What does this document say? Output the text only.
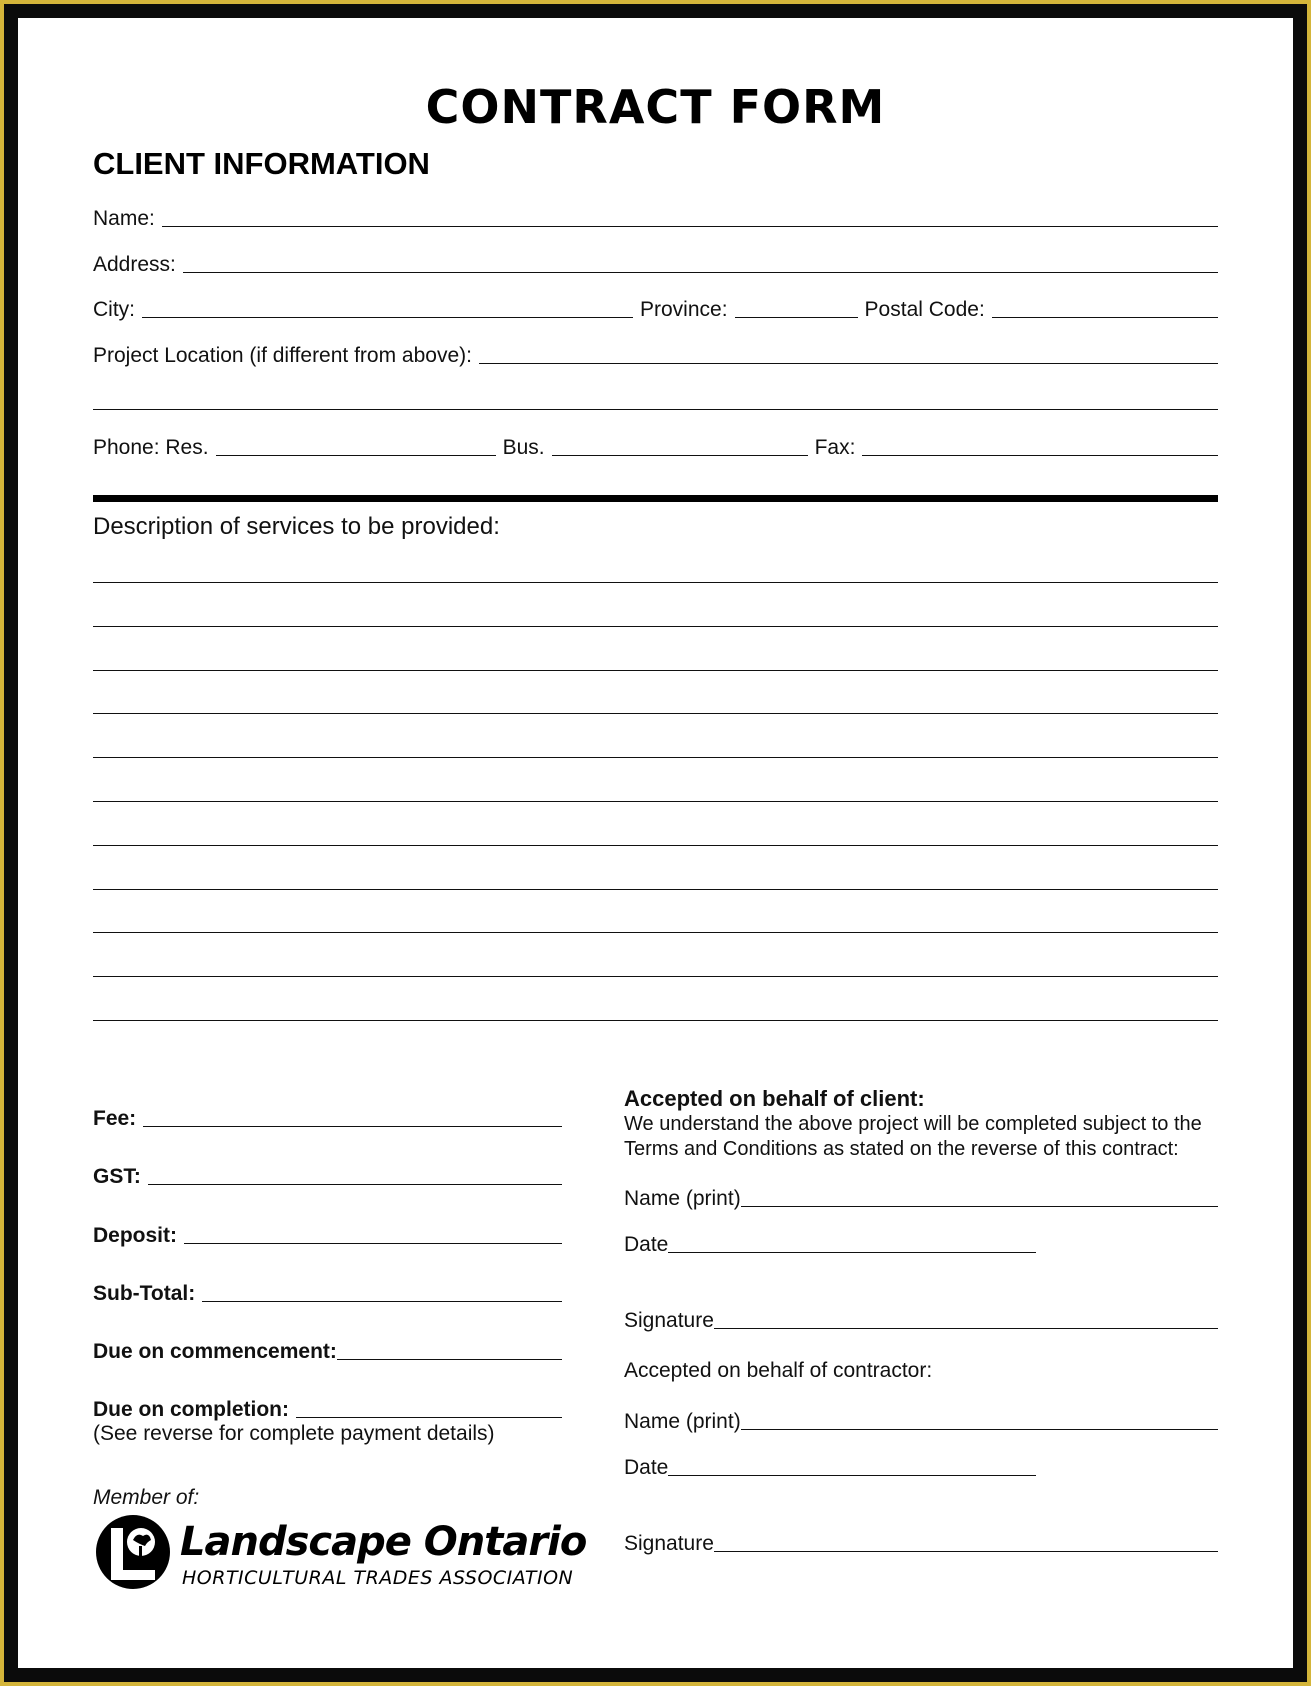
CONTRACT FORM
CLIENT INFORMATION
Name:
Address:
City:	Province:	Postal Code:
Project Location (if different from above):
Phone: Res.	Bus.	Fax:
Description of services to be provided:
Fee:
GST:
Deposit:
Sub-Total:
Due on commencement:
Due on completion:
(See reverse for complete payment details)
Member of:
Landscape Ontario
HORTICULTURAL TRADES ASSOCIATION
Accepted on behalf of client:
We understand the above project will be completed subject to the
Terms and Conditions as stated on the reverse of this contract:
Name (print)
Date
Signature
Accepted on behalf of contractor:
Name (print)
Date
Signature
